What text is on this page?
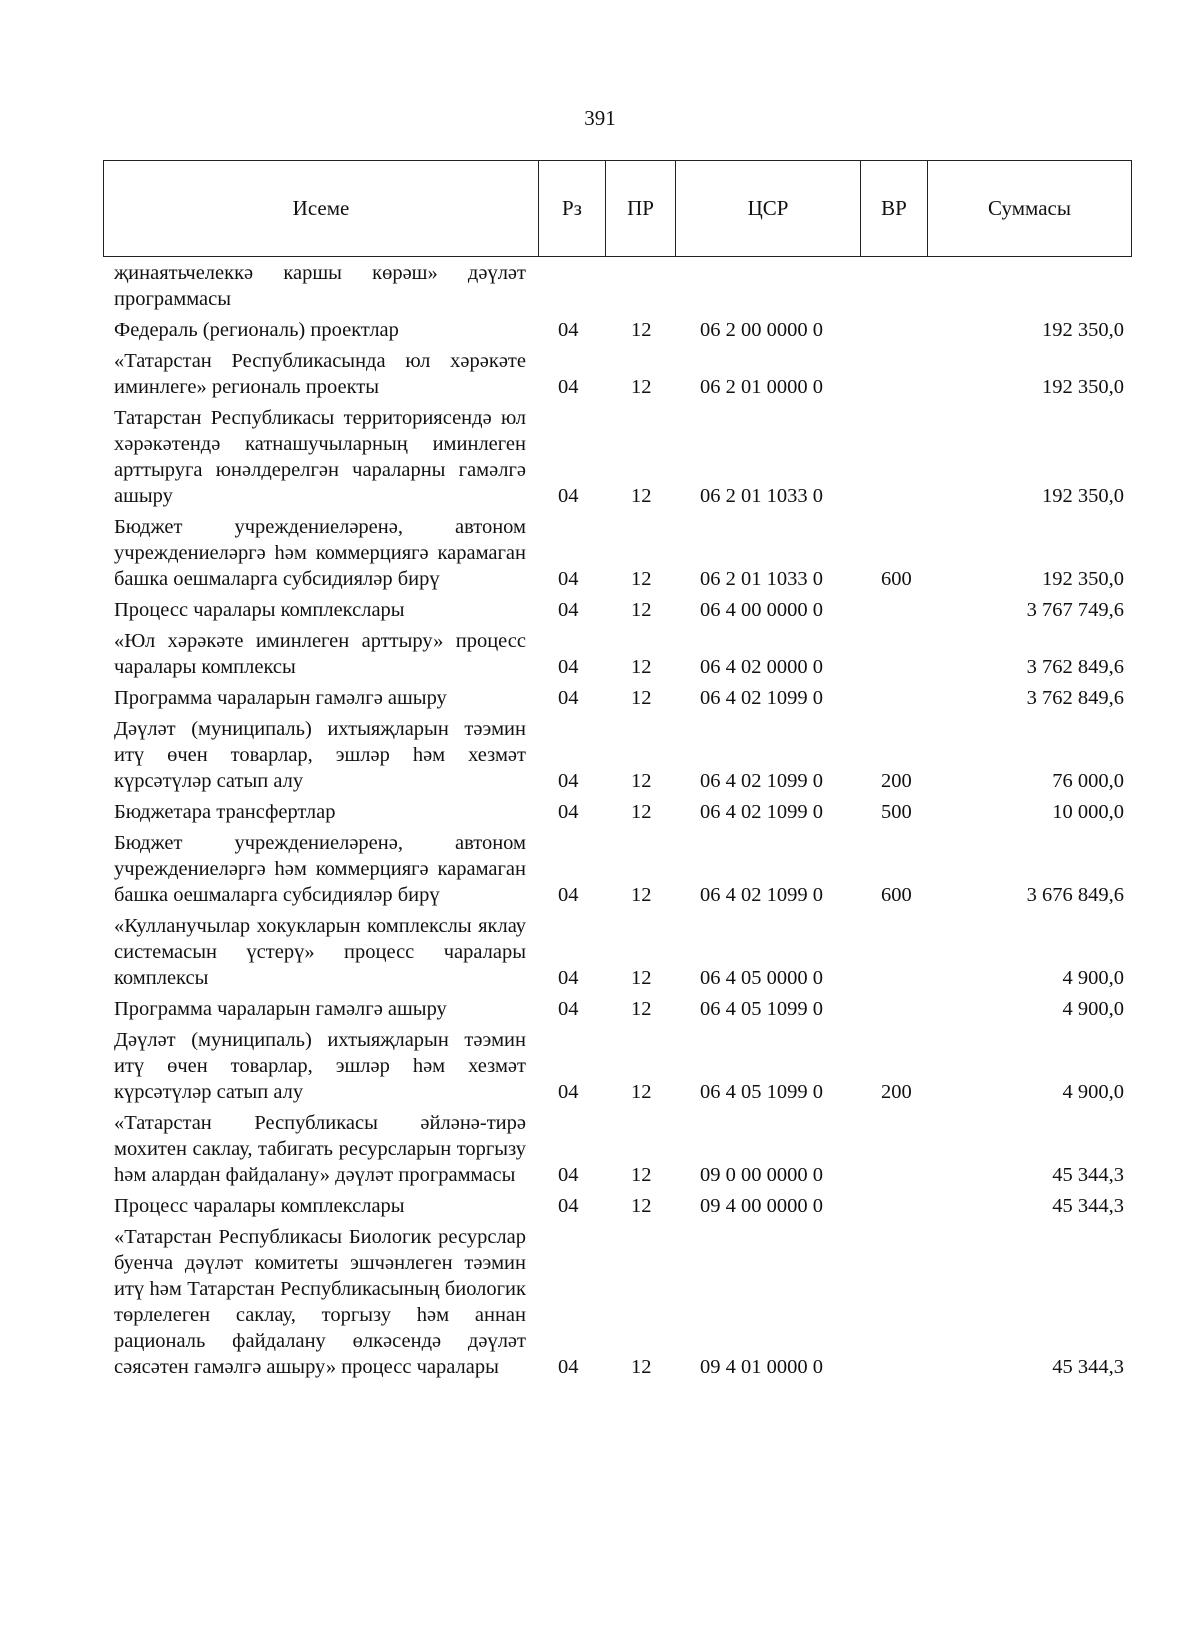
391
Исеме	Рз	ПР	ЦСР	ВР	Суммасы
җинаятьчелеккә каршы көрәш» дәүләт программасы
Федераль (региональ) проектлар	04	12 06 2 00 0000 0	192 350,0
«Татарстан Республикасында юл хәрәкәте иминлеге» региональ проекты	04	12 06 2 01 0000 0	192 350,0
Татарстан Республикасы территориясендә юл хәрәкәтендә катнашучыларның иминлеген арттыруга юнәлдерелгән чараларны гамәлгә ашыру	04	12 06 2 01 1033 0	192 350,0
Бюджет учреждениеләренә, автоном учреждениеләргә һәм коммерциягә карамаган башка оешмаларга субсидияләр бирү	04	12 06 2 01 1033 0	600	192 350,0
Процесс чаралары комплекслары	04	12 06 4 00 0000 0	3 767 749,6
«Юл хәрәкәте иминлеген арттыру» процесс чаралары комплексы	04	12 06 4 02 0000 0	3 762 849,6
Программа чараларын гамәлгә ашыру	04	12 06 4 02 1099 0	3 762 849,6
Дәүләт (муниципаль) ихтыяҗларын тәэмин итү өчен товарлар, эшләр һәм хезмәт күрсәтүләр сатып алу	04	12 06 4 02 1099 0	200	76 000,0
Бюджетара трансфертлар	04	12 06 4 02 1099 0	500	10 000,0
Бюджет учреждениеләренә, автоном учреждениеләргә һәм коммерциягә карамаган башка оешмаларга субсидияләр бирү	04	12 06 4 02 1099 0	600	3 676 849,6
«Кулланучылар хокукларын комплекслы яклау системасын үстерү» процесс чаралары комплексы	04	12 06 4 05 0000 0	4 900,0
Программа чараларын гамәлгә ашыру	04	12 06 4 05 1099 0	4 900,0
Дәүләт (муниципаль) ихтыяҗларын тәэмин итү өчен товарлар, эшләр һәм хезмәт күрсәтүләр сатып алу	04	12 06 4 05 1099 0	200	4 900,0
«Татарстан Республикасы әйләнә-тирә мохитен саклау, табигать ресурсларын торгызу һәм алардан файдалану» дәүләт программасы	04	12 09 0 00 0000 0	45 344,3
Процесс чаралары комплекслары	04	12 09 4 00 0000 0	45 344,3
«Татарстан Республикасы Биологик ресурслар буенча дәүләт комитеты эшчәнлеген тәэмин итү һәм Татарстан Республикасының биологик төрлелеген саклау, торгызу һәм аннан рациональ файдалану өлкәсендә дәүләт сәясәтен гамәлгә ашыру» процесс чаралары	04	12 09 4 01 0000 0	45 344,3
